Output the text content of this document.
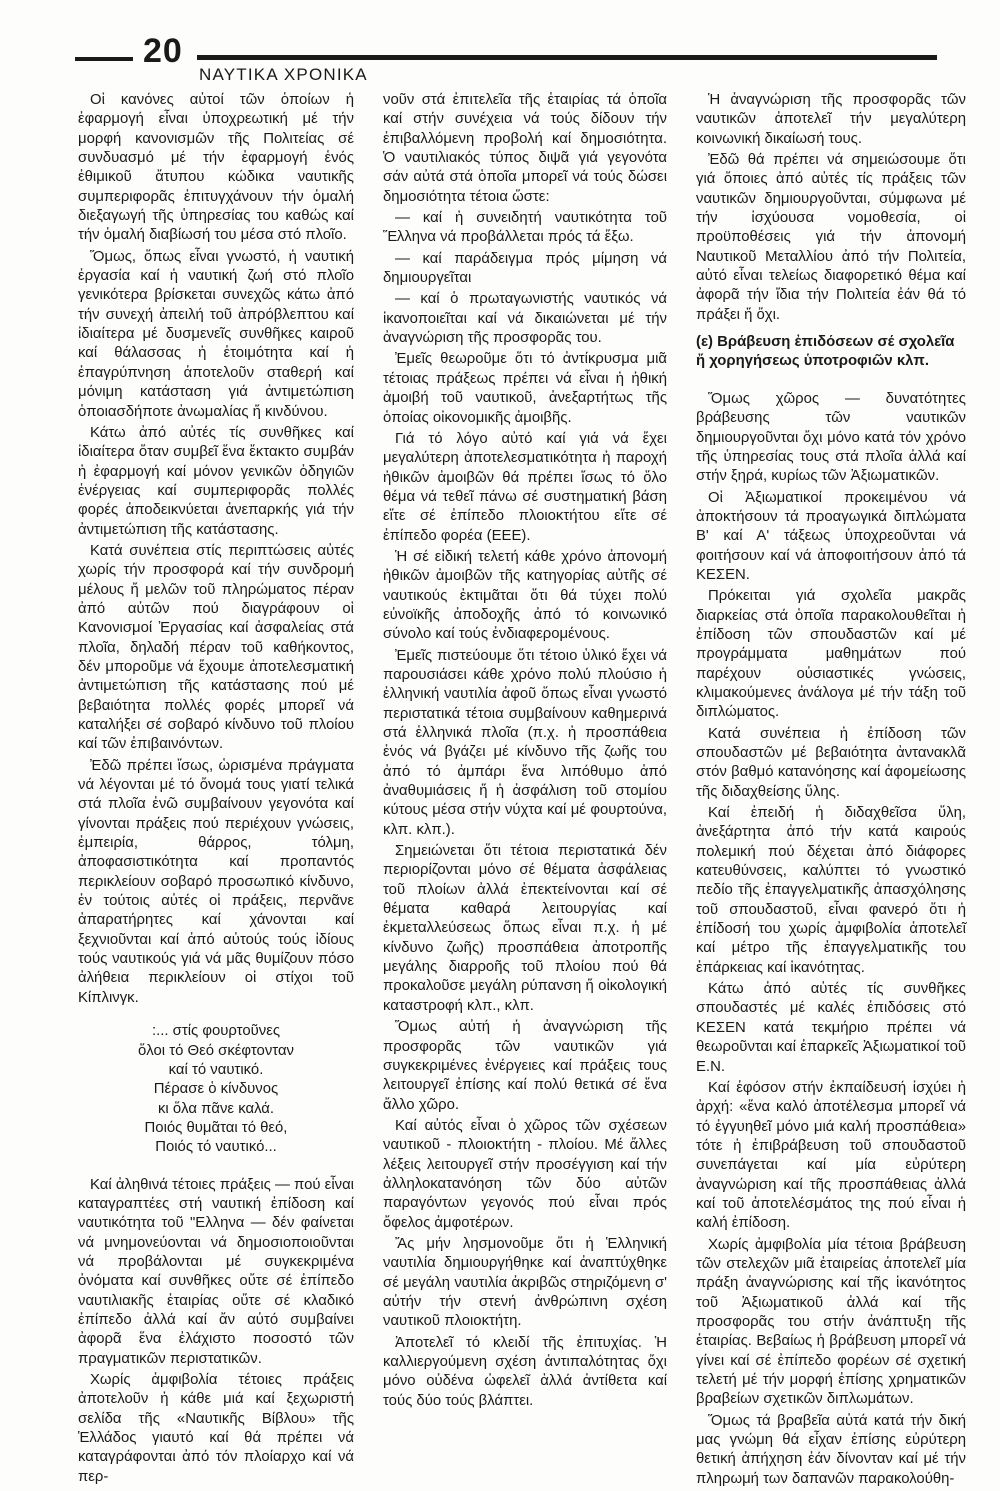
20
ΝΑΥΤΙΚΑ ΧΡΟΝΙΚΑ

Οἱ κανόνες αὐτοί τῶν ὁποίων ἡ ἐφαρμογή εἶναι ὑποχρεωτική μέ τήν μορφή κανονισμῶν τῆς Πολιτείας σέ συνδυασμό μέ τήν ἐφαρμογή ἑνός ἐθιμικοῦ ἄτυπου κώδικα ναυτικῆς συμπεριφορᾶς ἐπιτυγχάνουν τήν ὁμαλή διεξαγωγή τῆς ὑπηρεσίας του καθώς καί τήν ὁμαλή διαβίωσή του μέσα στό πλοῖο.

Ὅμως, ὅπως εἶναι γνωστό, ἡ ναυτική ἐργασία καί ἡ ναυτική ζωή στό πλοῖο γενικότερα βρίσκεται συνεχῶς κάτω ἀπό τήν συνεχή ἀπειλή τοῦ ἀπρόβλεπτου καί ἰδιαίτερα μέ δυσμενεῖς συνθῆκες καιροῦ καί θάλασσας ἡ ἑτοιμότητα καί ἡ ἐπαγρύπνηση ἀποτελοῦν σταθερή καί μόνιμη κατάσταση γιά ἀντιμετώπιση ὁποιασδήποτε ἀνωμαλίας ἤ κινδύνου.

Κάτω ἀπό αὐτές τίς συνθῆκες καί ἰδιαίτερα ὅταν συμβεῖ ἕνα ἔκτακτο συμβάν ἡ ἐφαρμογή καί μόνον γενικῶν ὁδηγιῶν ἐνέργειας καί συμπεριφορᾶς πολλές φορές ἀποδεικνύεται ἀνεπαρκής γιά τήν ἀντιμετώπιση τῆς κατάστασης.

Κατά συνέπεια στίς περιπτώσεις αὐτές χωρίς τήν προσφορά καί τήν συνδρομή μέλους ἤ μελῶν τοῦ πληρώματος πέραν ἀπό αὐτῶν πού διαγράφουν οἱ Κανονισμοί Ἐργασίας καί ἀσφαλείας στά πλοῖα, δηλαδή πέραν τοῦ καθήκοντος, δέν μποροῦμε νά ἔχουμε ἀποτελεσματική ἀντιμετώπιση τῆς κατάστασης πού μέ βεβαιότητα πολλές φορές μπορεῖ νά καταλήξει σέ σοβαρό κίνδυνο τοῦ πλοίου καί τῶν ἐπιβαινόντων.

Ἐδῶ πρέπει ἴσως, ὡρισμένα πράγματα νά λέγονται μέ τό ὄνομά τους γιατί τελικά στά πλοῖα ἐνῶ συμβαίνουν γεγονότα καί γίνονται πράξεις πού περιέχουν γνώσεις, ἐμπειρία, θάρρος, τόλμη, ἀποφασιστικότητα καί προπαντός περικλείουν σοβαρό προσωπικό κίνδυνο, ἐν τούτοις αὐτές οἱ πράξεις, περνᾶνε ἀπαρατήρητες καί χάνονται καί ξεχνιοῦνται καί ἀπό αὐτούς τούς ἰδίους τούς ναυτικούς γιά νά μᾶς θυμίζουν πόσο ἀλήθεια περικλείουν οἱ στίχοι τοῦ Κίπλινγκ.

:... στίς φουρτοῦνες
ὅλοι τό Θεό σκέφτονταν
καί τό ναυτικό.
Πέρασε ὁ κίνδυνος
κι ὅλα πᾶνε καλά.
Ποιός θυμᾶται τό θεό,
Ποιός τό ναυτικό...

Καί ἀληθινά τέτοιες πράξεις — πού εἶναι καταγραπτέες στή ναυτική ἐπίδοση καί ναυτικότητα τοῦ "Ελληνα — δέν φαίνεται νά μνημονεύονται νά δημοσιοποιοῦνται νά προβάλονται μέ συγκεκριμένα ὀνόματα καί συνθῆκες οὔτε σέ ἐπίπεδο ναυτιλιακῆς ἑταιρίας οὔτε σέ κλαδικό ἐπίπεδο ἀλλά καί ἄν αὐτό συμβαίνει ἀφορᾶ ἕνα ἐλάχιστο ποσοστό τῶν πραγματικῶν περιστατικῶν.

Χωρίς ἀμφιβολία τέτοιες πράξεις ἀποτελοῦν ἡ κάθε μιά καί ξεχωριστή σελίδα τῆς «Ναυτικῆς Βίβλου» τῆς Ἑλλάδος γιαυτό καί θά πρέπει νά καταγράφονται ἀπό τόν πλοίαρχο καί νά περ-

νοῦν στά ἐπιτελεῖα τῆς ἑταιρίας τά ὁποῖα καί στήν συνέχεια νά τούς δίδουν τήν ἐπιβαλλόμενη προβολή καί δημοσιότητα. Ὁ ναυτιλιακός τύπος διψᾶ γιά γεγονότα σάν αὐτά στά ὁποῖα μπορεῖ νά τούς δώσει δημοσιότητα τέτοια ὥστε:

— καί ἡ συνειδητή ναυτικότητα τοῦ Ἕλληνα νά προβάλλεται πρός τά ἔξω.

— καί παράδειγμα πρός μίμηση νά δημιουργεῖται

— καί ὁ πρωταγωνιστής ναυτικός νά ἱκανοποιεῖται καί νά δικαιώνεται μέ τήν ἀναγνώριση τῆς προσφορᾶς του.

Ἐμεῖς θεωροῦμε ὅτι τό ἀντίκρυσμα μιᾶ τέτοιας πράξεως πρέπει νά εἶναι ἡ ἠθική ἀμοιβή τοῦ ναυτικοῦ, ἀνεξαρτήτως τῆς ὁποίας οἰκονομικῆς ἀμοιβῆς.

Γιά τό λόγο αὐτό καί γιά νά ἔχει μεγαλύτερη ἀποτελεσματικότητα ἡ παροχή ἠθικῶν ἀμοιβῶν θά πρέπει ἴσως τό ὅλο θέμα νά τεθεῖ πάνω σέ συστηματική βάση εἴτε σέ ἐπίπεδο πλοιοκτήτου εἴτε σέ ἐπίπεδο φορέα (ΕΕΕ).

Ἡ σέ εἰδική τελετή κάθε χρόνο ἀπονομή ἠθικῶν ἀμοιβῶν τῆς κατηγορίας αὐτῆς σέ ναυτικούς ἐκτιμᾶται ὅτι θά τύχει πολύ εὐνοϊκῆς ἀποδοχῆς ἀπό τό κοινωνικό σύνολο καί τούς ἐνδιαφερομένους.

Ἐμεῖς πιστεύουμε ὅτι τέτοιο ὑλικό ἔχει νά παρουσιάσει κάθε χρόνο πολύ πλούσιο ἡ ἑλληνική ναυτιλία ἀφοῦ ὅπως εἶναι γνωστό περιστατικά τέτοια συμβαίνουν καθημερινά στά ἑλληνικά πλοῖα (π.χ. ἡ προσπάθεια ἑνός νά βγάζει μέ κίνδυνο τῆς ζωῆς του ἀπό τό ἀμπάρι ἕνα λιπόθυμο ἀπό ἀναθυμιάσεις ἤ ἡ ἀσφάλιση τοῦ στομίου κύτους μέσα στήν νύχτα καί μέ φουρτούνα, κλπ. κλπ.).

Σημειώνεται ὅτι τέτοια περιστατικά δέν περιορίζονται μόνο σέ θέματα ἀσφάλειας τοῦ πλοίων ἀλλά ἐπεκτείνονται καί σέ θέματα καθαρά λειτουργίας καί ἐκμεταλλεύσεως ὅπως εἶναι π.χ. ἡ μέ κίνδυνο ζωῆς) προσπάθεια ἀποτροπῆς μεγάλης διαρροῆς τοῦ πλοίου πού θά προκαλοῦσε μεγάλη ρύπανση ἤ οἰκολογική καταστροφή κλπ., κλπ.

Ὅμως αὐτή ἡ ἀναγνώριση τῆς προσφορᾶς τῶν ναυτικῶν γιά συγκεκριμένες ἐνέργειες καί πράξεις τους λειτουργεῖ ἐπίσης καί πολύ θετικά σέ ἕνα ἄλλο χῶρο.

Καί αὐτός εἶναι ὁ χῶρος τῶν σχέσεων ναυτικοῦ - πλοιοκτήτη - πλοίου. Μέ ἄλλες λέξεις λειτουργεῖ στήν προσέγγιση καί τήν ἀλληλοκατανόηση τῶν δύο αὐτῶν παραγόντων γεγονός πού εἶναι πρός ὄφελος ἀμφοτέρων.

Ἄς μήν λησμονοῦμε ὅτι ἡ Ἑλληνική ναυτιλία δημιουργήθηκε καί ἀναπτύχθηκε σέ μεγάλη ναυτιλία ἀκριβῶς στηριζόμενη σ' αὐτήν τήν στενή ἀνθρώπινη σχέση ναυτικοῦ πλοιοκτήτη.

Ἀποτελεῖ τό κλειδί τῆς ἐπιτυχίας. Ἡ καλλιεργούμενη σχέση ἀντιπαλότητας ὄχι μόνο οὐδένα ὠφελεῖ ἀλλά ἀντίθετα καί τούς δύο τούς βλάπτει.

Ἡ ἀναγνώριση τῆς προσφορᾶς τῶν ναυτικῶν ἀποτελεῖ τήν μεγαλύτερη κοινωνική δικαίωσή τους.

Ἐδῶ θά πρέπει νά σημειώσουμε ὅτι γιά ὅποιες ἀπό αὐτές τίς πράξεις τῶν ναυτικῶν δημιουργοῦνται, σύμφωνα μέ τήν ἰσχύουσα νομοθεσία, οἱ προϋποθέσεις γιά τήν ἀπονομή Ναυτικοῦ Μεταλλίου ἀπό τήν Πολιτεία, αὐτό εἶναι τελείως διαφορετικό θέμα καί ἀφορᾶ τήν ἴδια τήν Πολιτεία ἐάν θά τό πράξει ἤ ὄχι.

(ε) Βράβευση ἐπιδόσεων σέ σχολεῖα ἤ χορηγήσεως ὑποτροφιῶν κλπ.

Ὅμως χῶρος — δυνατότητες βράβευσης τῶν ναυτικῶν δημιουργοῦνται ὄχι μόνο κατά τόν χρόνο τῆς ὑπηρεσίας τους στά πλοῖα ἀλλά καί στήν ξηρά, κυρίως τῶν Ἀξιωματικῶν.

Οἱ Ἀξιωματικοί προκειμένου νά ἀποκτήσουν τά προαγωγικά διπλώματα Β' καί Α' τάξεως ὑποχρεοῦνται νά φοιτήσουν καί νά ἀποφοιτήσουν ἀπό τά ΚΕΣΕΝ.

Πρόκειται γιά σχολεῖα μακρᾶς διαρκείας στά ὁποῖα παρακολουθεῖται ἡ ἐπίδοση τῶν σπουδαστῶν καί μέ προγράμματα μαθημάτων πού παρέχουν οὐσιαστικές γνώσεις, κλιμακούμενες ἀνάλογα μέ τήν τάξη τοῦ διπλώματος.

Κατά συνέπεια ἡ ἐπίδοση τῶν σπουδαστῶν μέ βεβαιότητα ἀντανακλᾶ στόν βαθμό κατανόησης καί ἀφομείωσης τῆς διδαχθείσης ὕλης.

Καί ἐπειδή ἡ διδαχθεῖσα ὕλη, ἀνεξάρτητα ἀπό τήν κατά καιρούς πολεμική πού δέχεται ἀπό διάφορες κατευθύνσεις, καλύπτει τό γνωστικό πεδίο τῆς ἐπαγγελματικῆς ἀπασχόλησης τοῦ σπουδαστοῦ, εἶναι φανερό ὅτι ἡ ἐπίδοσή του χωρίς ἀμφιβολία ἀποτελεῖ καί μέτρο τῆς ἐπαγγελματικῆς του ἐπάρκειας καί ἱκανότητας.

Κάτω ἀπό αὐτές τίς συνθῆκες σπουδαστές μέ καλές ἐπιδόσεις στό ΚΕΣΕΝ κατά τεκμήριο πρέπει νά θεωροῦνται καί ἐπαρκεῖς Ἀξιωματικοί τοῦ Ε.Ν.

Καί ἐφόσον στήν ἐκπαίδευσή ἰσχύει ἡ ἀρχή: «ἕνα καλό ἀποτέλεσμα μπορεῖ νά τό ἐγγυηθεῖ μόνο μιά καλή προσπάθεια» τότε ἡ ἐπιβράβευση τοῦ σπουδαστοῦ συνεπάγεται καί μία εὐρύτερη ἀναγνώριση καί τῆς προσπάθειας ἀλλά καί τοῦ ἀποτελέσμάτος της πού εἶναι ἡ καλή ἐπίδοση.

Χωρίς ἀμφιβολία μία τέτοια βράβευση τῶν στελεχῶν μιᾶ ἑταιρείας ἀποτελεῖ μία πράξη ἀναγνώρισης καί τῆς ἱκανότητος τοῦ Ἀξιωματικοῦ ἀλλά καί τῆς προσφορᾶς του στήν ἀνάπτυξη τῆς ἑταιρίας. Βεβαίως ἡ βράβευση μπορεῖ νά γίνει καί σέ ἐπίπεδο φορέων σέ σχετική τελετή μέ τήν μορφή ἐπίσης χρηματικῶν βραβείων σχετικῶν διπλωμάτων.

Ὅμως τά βραβεῖα αὐτά κατά τήν δική μας γνώμη θά εἶχαν ἐπίσης εὐρύτερη θετική ἀπήχηση ἐάν δίνονταν καί μέ τήν πληρωμή των δαπανῶν παρακολούθη-
